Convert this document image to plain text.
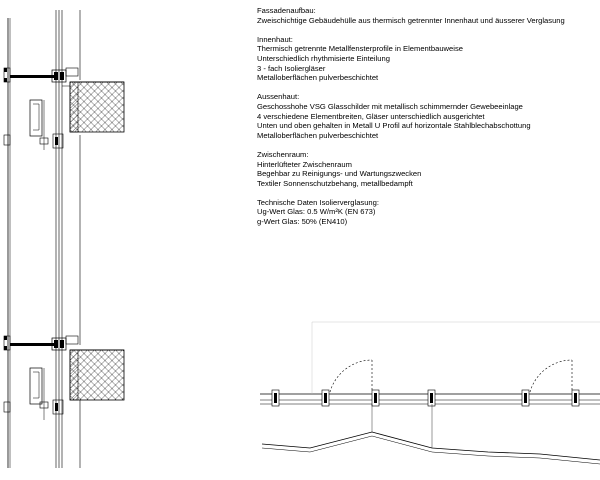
Fassadenaufbau:
Zweischichtige Gebäudehülle aus thermisch getrennter Innenhaut und äusserer Verglasung
Innenhaut:
Thermisch getrennte Metallfensterprofile in Elementbauweise
Unterschiedlich rhythmisierte Einteilung
3 - fach Isoliergläser
Metalloberflächen pulverbeschichtet
Aussenhaut:
Geschosshohe VSG Glasschilder mit metallisch schimmernder Gewebeeinlage
4 verschiedene Elementbreiten, Gläser unterschiedlich ausgerichtet
Unten und oben gehalten in Metall U Profil auf horizontale Stahlblechabschottung
Metalloberflächen pulverbeschichtet
Zwischenraum:
Hinterlüfteter Zwischenraum
Begehbar zu Reinigungs- und Wartungszwecken
Textiler Sonnenschutzbehang, metallbedampft
Technische Daten Isolierverglasung:
Ug-Wert Glas: 0.5 W/m²K (EN 673)
g-Wert Glas: 50% (EN410)
